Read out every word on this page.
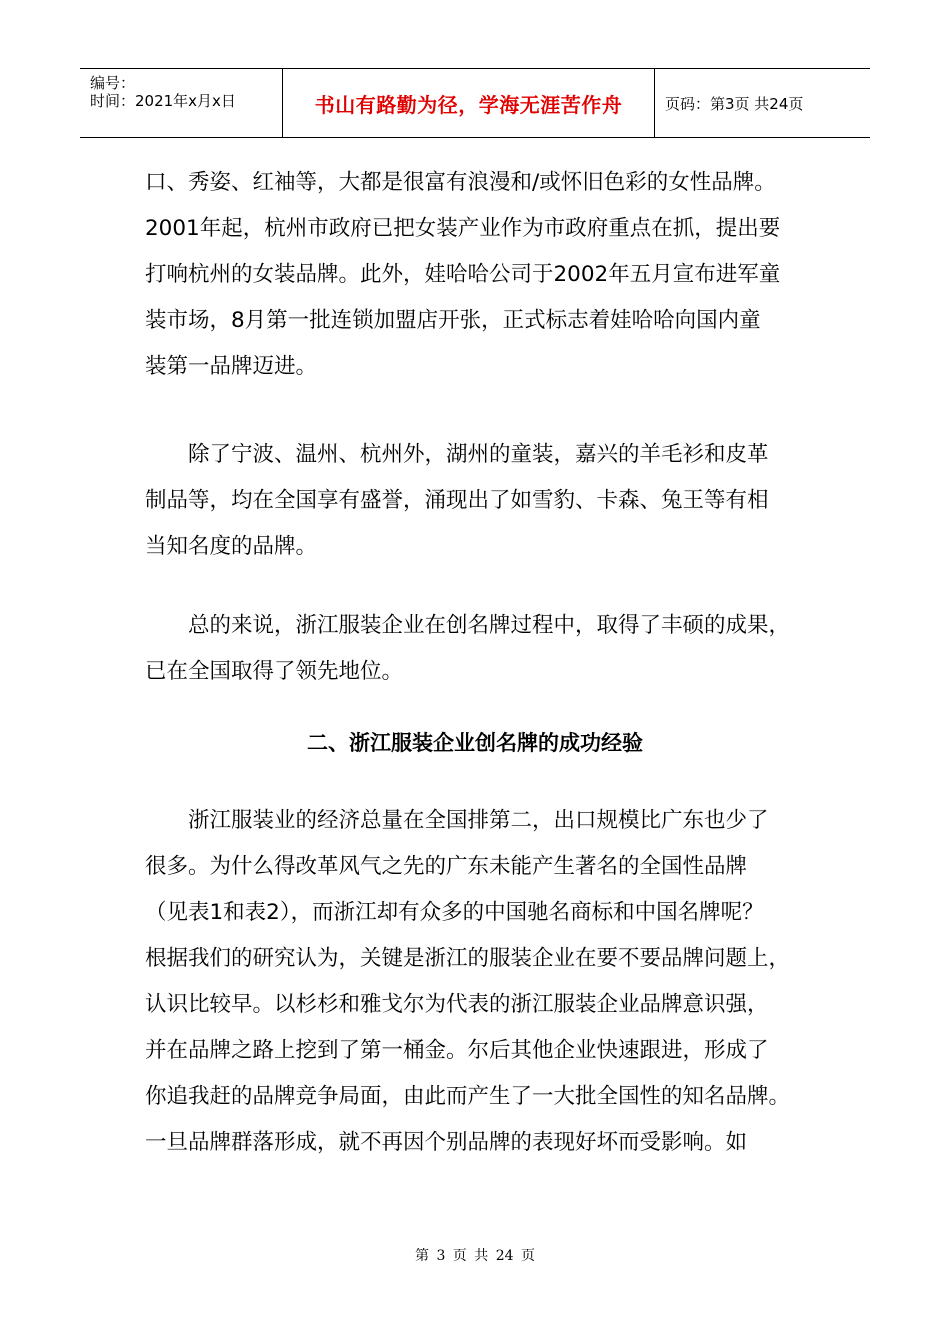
编号：
时间：2021年x月x日	书山有路勤为径，学海无涯苦作舟	页码：第3页 共24页

口、秀姿、红袖等，大都是很富有浪漫和/或怀旧色彩的女性品牌。

2001年起，杭州市政府已把女装产业作为市政府重点在抓，提出要

打响杭州的女装品牌。此外，娃哈哈公司于2002年五月宣布进军童

装市场，8月第一批连锁加盟店开张，正式标志着娃哈哈向国内童

装第一品牌迈进。

　　除了宁波、温州、杭州外，湖州的童装，嘉兴的羊毛衫和皮革

制品等，均在全国享有盛誉，涌现出了如雪豹、卡森、兔王等有相

当知名度的品牌。

　　总的来说，浙江服装企业在创名牌过程中，取得了丰硕的成果，

已在全国取得了领先地位。

二、浙江服装企业创名牌的成功经验

　　浙江服装业的经济总量在全国排第二，出口规模比广东也少了

很多。为什么得改革风气之先的广东未能产生著名的全国性品牌

（见表1和表2），而浙江却有众多的中国驰名商标和中国名牌呢？

根据我们的研究认为，关键是浙江的服装企业在要不要品牌问题上，

认识比较早。以杉杉和雅戈尔为代表的浙江服装企业品牌意识强，

并在品牌之路上挖到了第一桶金。尔后其他企业快速跟进，形成了

你追我赶的品牌竞争局面，由此而产生了一大批全国性的知名品牌。

一旦品牌群落形成，就不再因个别品牌的表现好坏而受影响。如

第 3 页 共 24 页
